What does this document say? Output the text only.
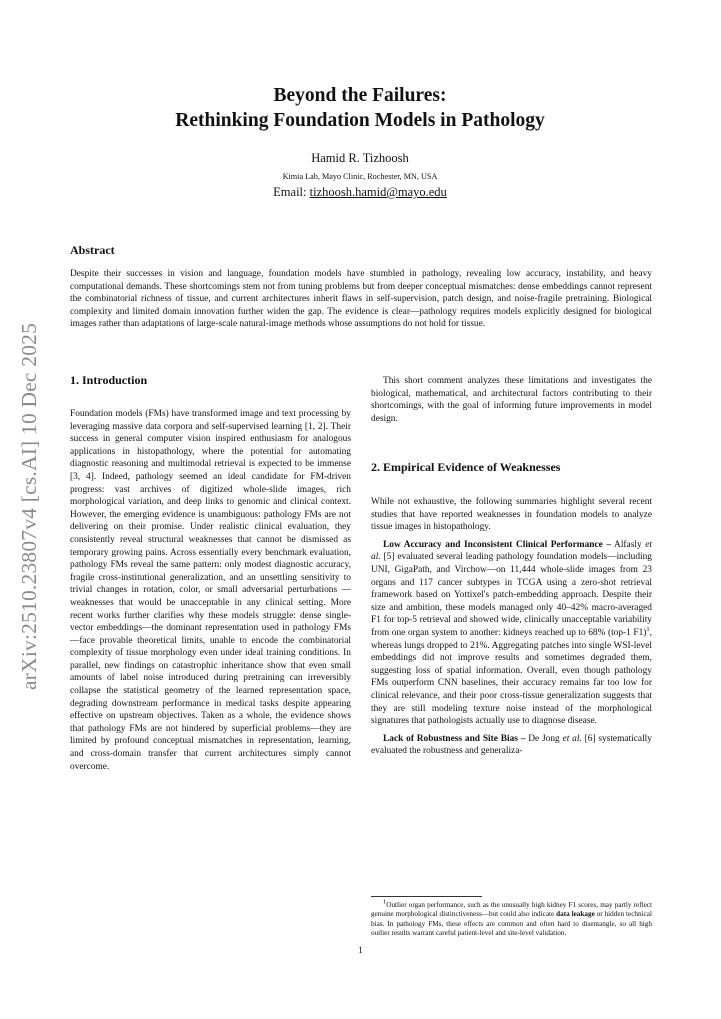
arXiv:2510.23807v4 [cs.AI] 10 Dec 2025
Beyond the Failures:
Rethinking Foundation Models in Pathology
Hamid R. Tizhoosh
Kimia Lab, Mayo Clinic, Rochester, MN, USA
Email: tizhoosh.hamid@mayo.edu
Abstract
Despite their successes in vision and language, foundation models have stumbled in pathology, revealing low accuracy, instability, and heavy computational demands. These shortcomings stem not from tuning problems but from deeper conceptual mismatches: dense embeddings cannot represent the combinatorial richness of tissue, and current architectures inherit flaws in self-supervision, patch design, and noise-fragile pretraining. Biological complexity and limited domain innovation further widen the gap. The evidence is clear—pathology requires models explicitly designed for biological images rather than adaptations of large-scale natural-image methods whose assumptions do not hold for tissue.
1. Introduction

Foundation models (FMs) have transformed image and text processing by leveraging massive data corpora and self-supervised learning [1, 2]. Their success in general computer vision inspired enthusiasm for analogous applications in histopathology, where the potential for automating diagnostic reasoning and multimodal retrieval is expected to be immense [3, 4]. Indeed, pathology seemed an ideal candidate for FM-driven progress: vast archives of digitized whole-slide images, rich morphological variation, and deep links to genomic and clinical context. However, the emerging evidence is unambiguous: pathology FMs are not delivering on their promise. Under realistic clinical evaluation, they consistently reveal structural weaknesses that cannot be dismissed as temporary growing pains. Across essentially every benchmark evaluation, pathology FMs reveal the same pattern: only modest diagnostic accuracy, fragile cross-institutional generalization, and an unsettling sensitivity to trivial changes in rotation, color, or small adversarial perturbations — weaknesses that would be unacceptable in any clinical setting. More recent works further clarifies why these models struggle: dense single-vector embeddings—the dominant representation used in pathology FMs—face provable theoretical limits, unable to encode the combinatorial complexity of tissue morphology even under ideal training conditions. In parallel, new findings on catastrophic inheritance show that even small amounts of label noise introduced during pretraining can irreversibly collapse the statistical geometry of the learned representation space, degrading downstream performance in medical tasks despite appearing effective on upstream objectives. Taken as a whole, the evidence shows that pathology FMs are not hindered by superficial problems—they are limited by profound conceptual mismatches in representation, learning, and cross-domain transfer that current architectures simply cannot overcome.

This short comment analyzes these limitations and investigates the biological, mathematical, and architectural factors contributing to their shortcomings, with the goal of informing future improvements in model design.

2. Empirical Evidence of Weaknesses

While not exhaustive, the following summaries highlight several recent studies that have reported weaknesses in foundation models to analyze tissue images in histopathology.

Low Accuracy and Inconsistent Clinical Performance – Alfasly et al. [5] evaluated several leading pathology foundation models—including UNI, GigaPath, and Virchow—on 11,444 whole-slide images from 23 organs and 117 cancer subtypes in TCGA using a zero-shot retrieval framework based on Yottixel's patch-embedding approach. Despite their size and ambition, these models managed only 40–42% macro-averaged F1 for top-5 retrieval and showed wide, clinically unacceptable variability from one organ system to another: kidneys reached up to 68% (top-1 F1)$^1$, whereas lungs dropped to 21%. Aggregating patches into single WSI-level embeddings did not improve results and sometimes degraded them, suggesting loss of spatial information. Overall, even though pathology FMs outperform CNN baselines, their accuracy remains far too low for clinical relevance, and their poor cross-tissue generalization suggests that they are still modeling texture noise instead of the morphological signatures that pathologists actually use to diagnose disease.

Lack of Robustness and Site Bias – De Jong et al. [6] systematically evaluated the robustness and generaliza-

$^1$Outlier organ performance, such as the unusually high kidney F1 scores, may partly reflect genuine morphological distinctiveness—but could also indicate data leakage or hidden technical bias. In pathology FMs, these effects are common and often hard to disentangle, so all high outlier results warrant careful patient-level and site-level validation.
1
